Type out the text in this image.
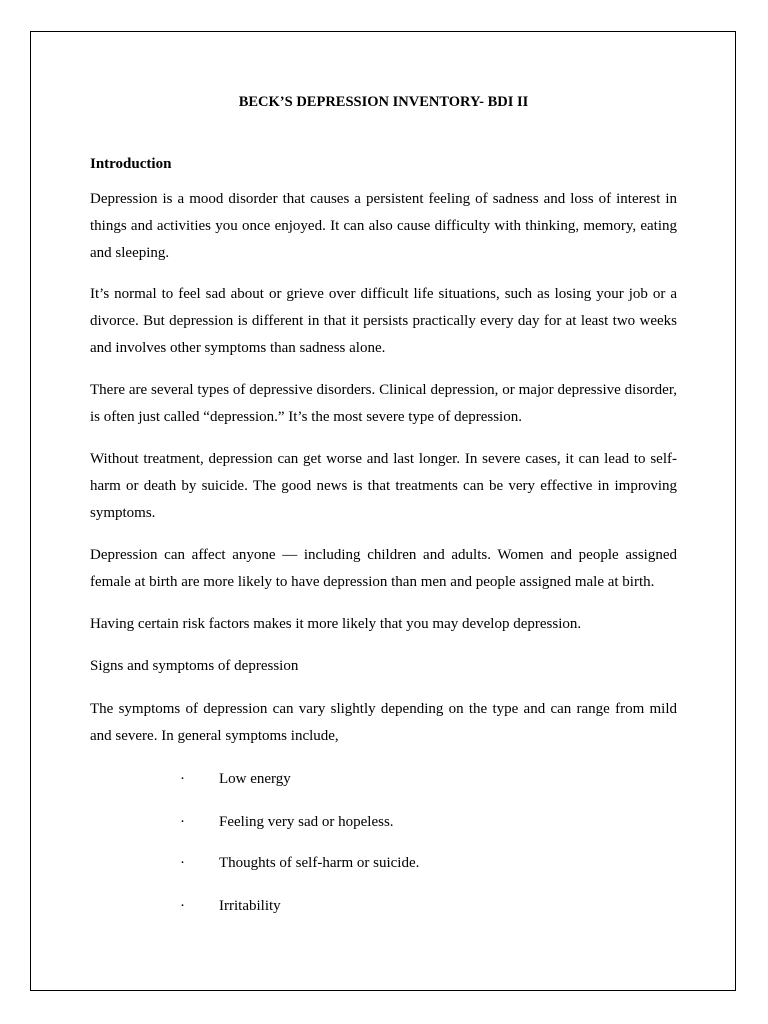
BECK’S DEPRESSION INVENTORY- BDI II
Introduction

Depression is a mood disorder that causes a persistent feeling of sadness and loss of interest in things and activities you once enjoyed. It can also cause difficulty with thinking, memory, eating and sleeping.

It’s normal to feel sad about or grieve over difficult life situations, such as losing your job or a divorce. But depression is different in that it persists practically every day for at least two weeks and involves other symptoms than sadness alone.

There are several types of depressive disorders. Clinical depression, or major depressive disorder, is often just called “depression.” It’s the most severe type of depression.

Without treatment, depression can get worse and last longer. In severe cases, it can lead to self-harm or death by suicide. The good news is that treatments can be very effective in improving symptoms.

Depression can affect anyone — including children and adults. Women and people assigned female at birth are more likely to have depression than men and people assigned male at birth.

Having certain risk factors makes it more likely that you may develop depression.

Signs and symptoms of depression

The symptoms of depression can vary slightly depending on the type and can range from mild and severe. In general symptoms include,

· Low energy
· Feeling very sad or hopeless.
· Thoughts of self-harm or suicide.
· Irritability
